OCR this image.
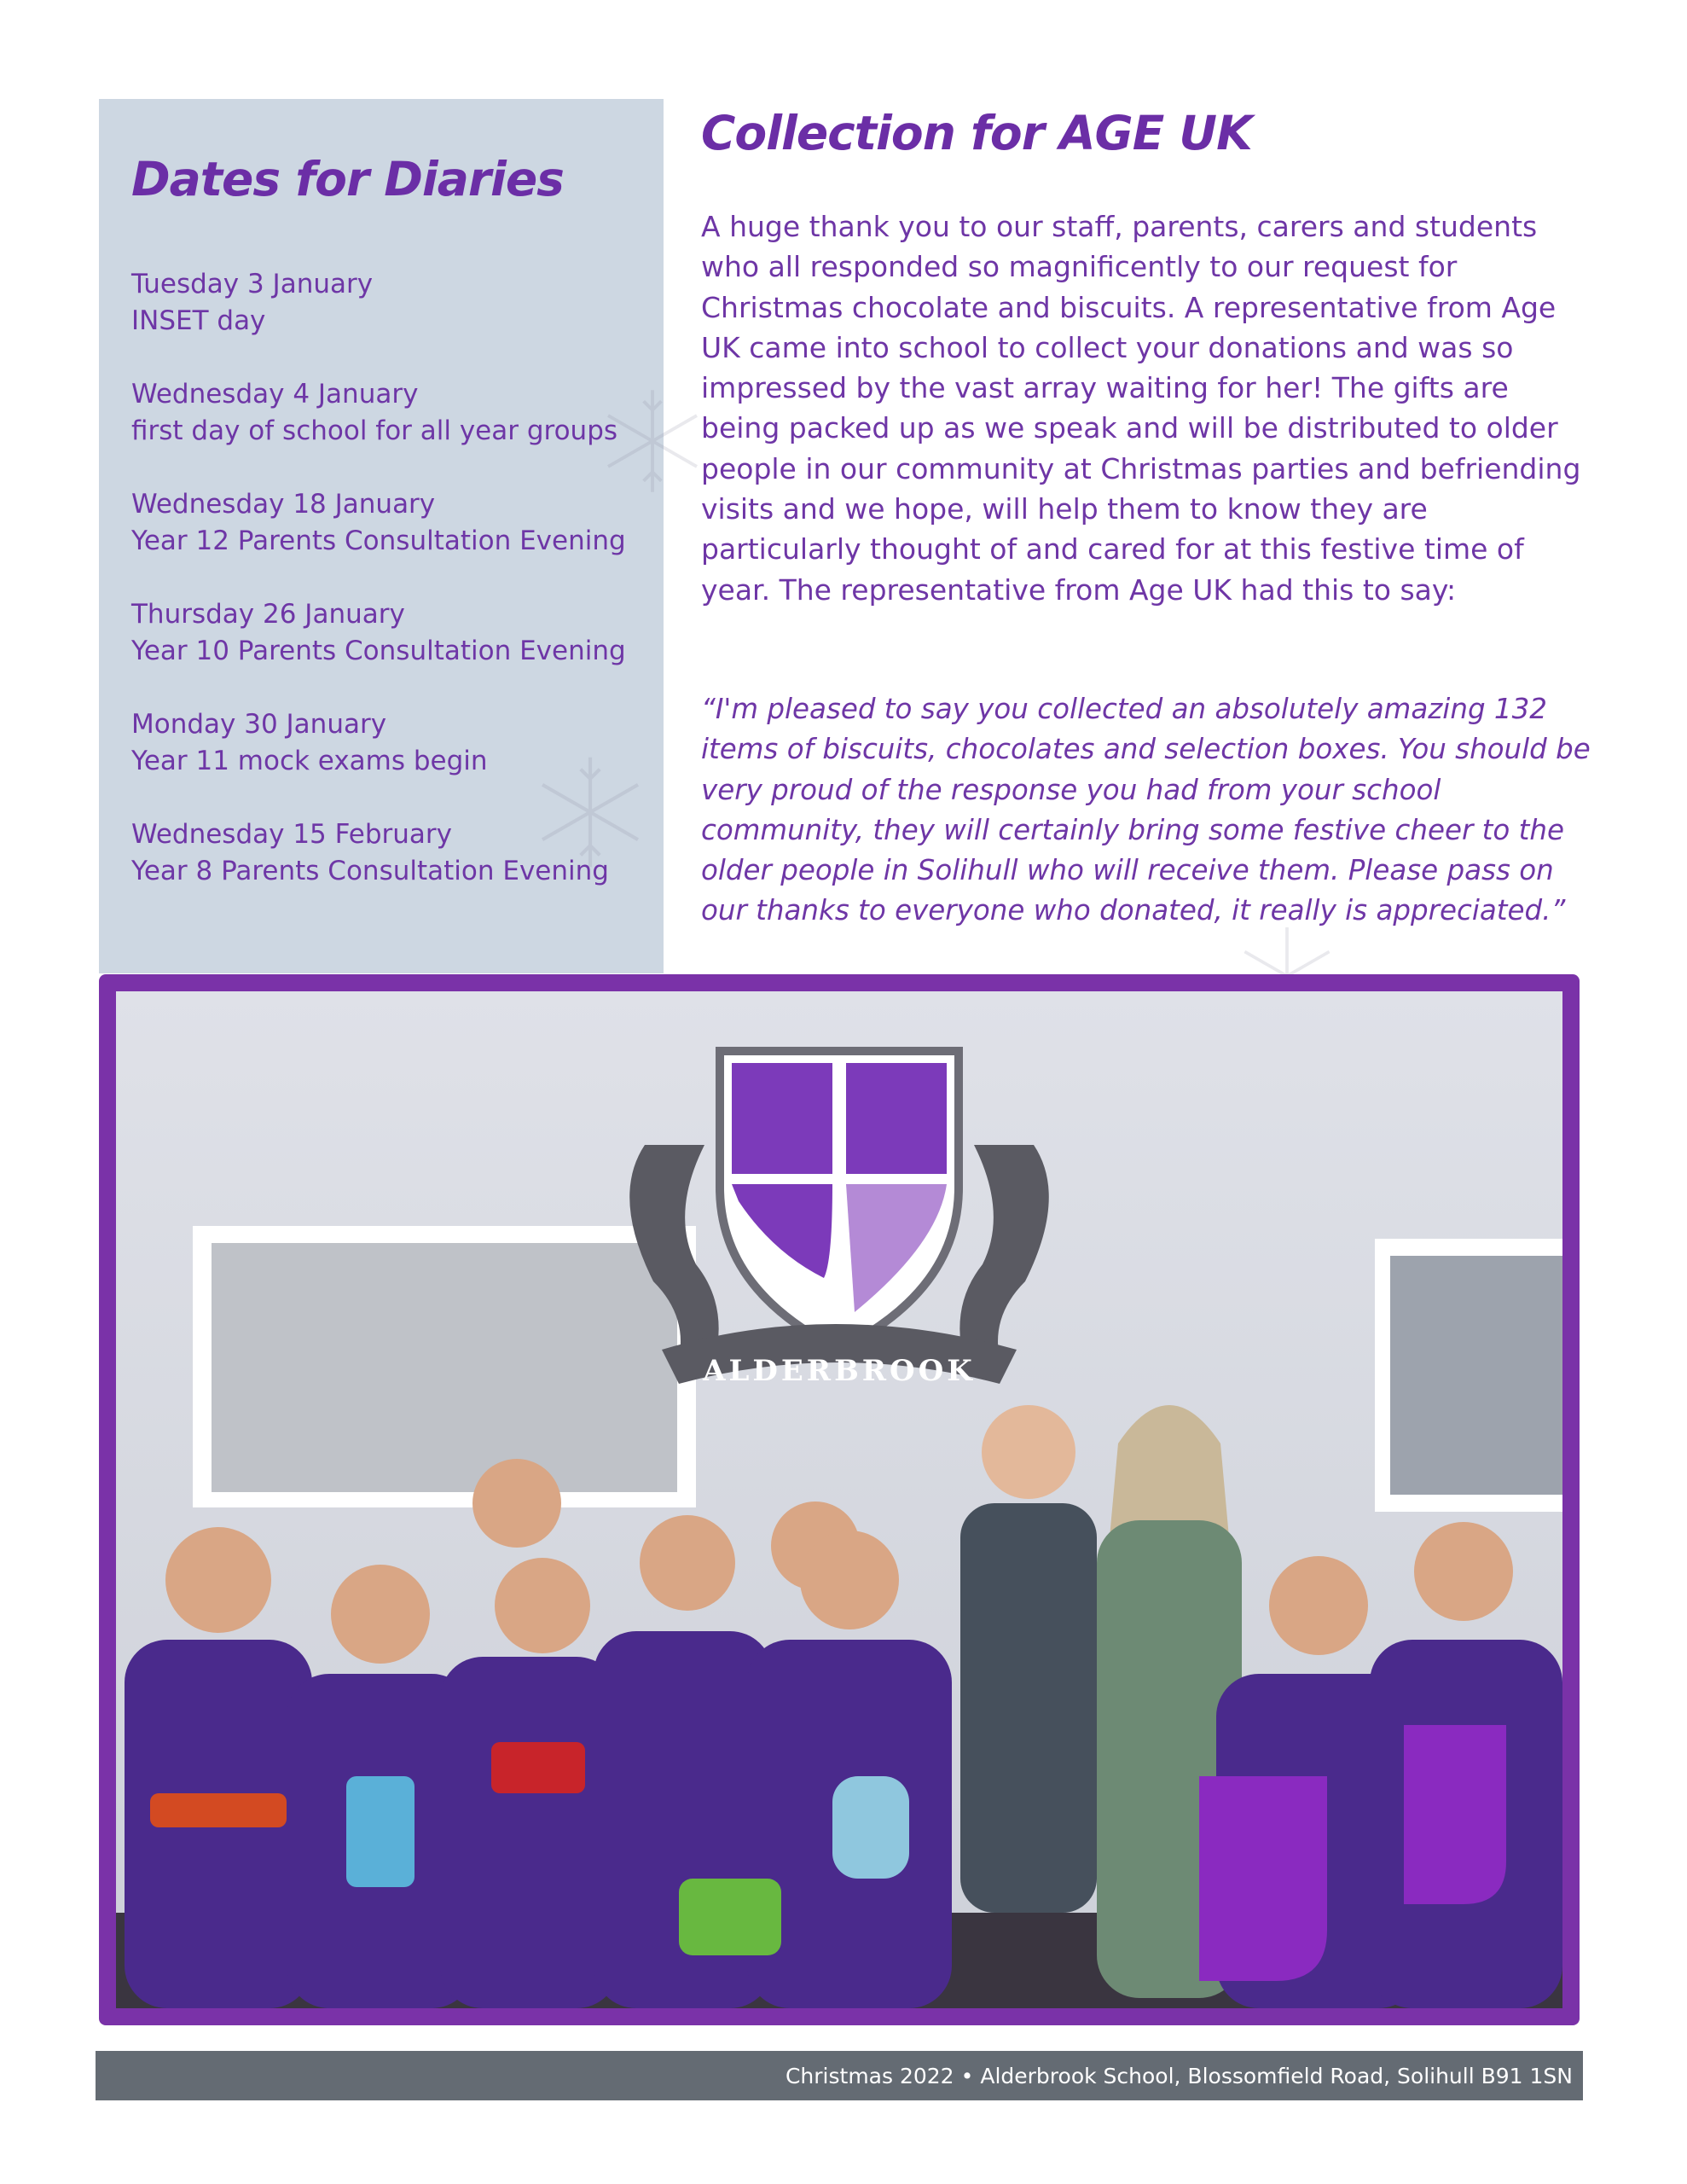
Dates for Diaries
Tuesday 3 January
INSET day
Wednesday 4 January
first day of school for all year groups
Wednesday 18 January
Year 12 Parents Consultation Evening
Thursday 26 January
Year 10 Parents Consultation Evening
Monday 30 January
Year 11 mock exams begin
Wednesday 15 February
Year 8 Parents Consultation Evening
Collection for AGE UK

A huge thank you to our staff, parents, carers and students who all responded so magnificently to our request for Christmas chocolate and biscuits. A representative from Age UK came into school to collect your donations and was so impressed by the vast array waiting for her! The gifts are being packed up as we speak and will be distributed to older people in our community at Christmas parties and befriending visits and we hope, will help them to know they are particularly thought of and cared for at this festive time of year. The representative from Age UK had this to say:

“I'm pleased to say you collected an absolutely amazing 132 items of biscuits, chocolates and selection boxes. You should be very proud of the response you had from your school community, they will certainly bring some festive cheer to the older people in Solihull who will receive them. Please pass on our thanks to everyone who donated, it really is appreciated.”

ALDERBROOK
Christmas 2022 • Alderbrook School, Blossomfield Road, Solihull B91 1SN
